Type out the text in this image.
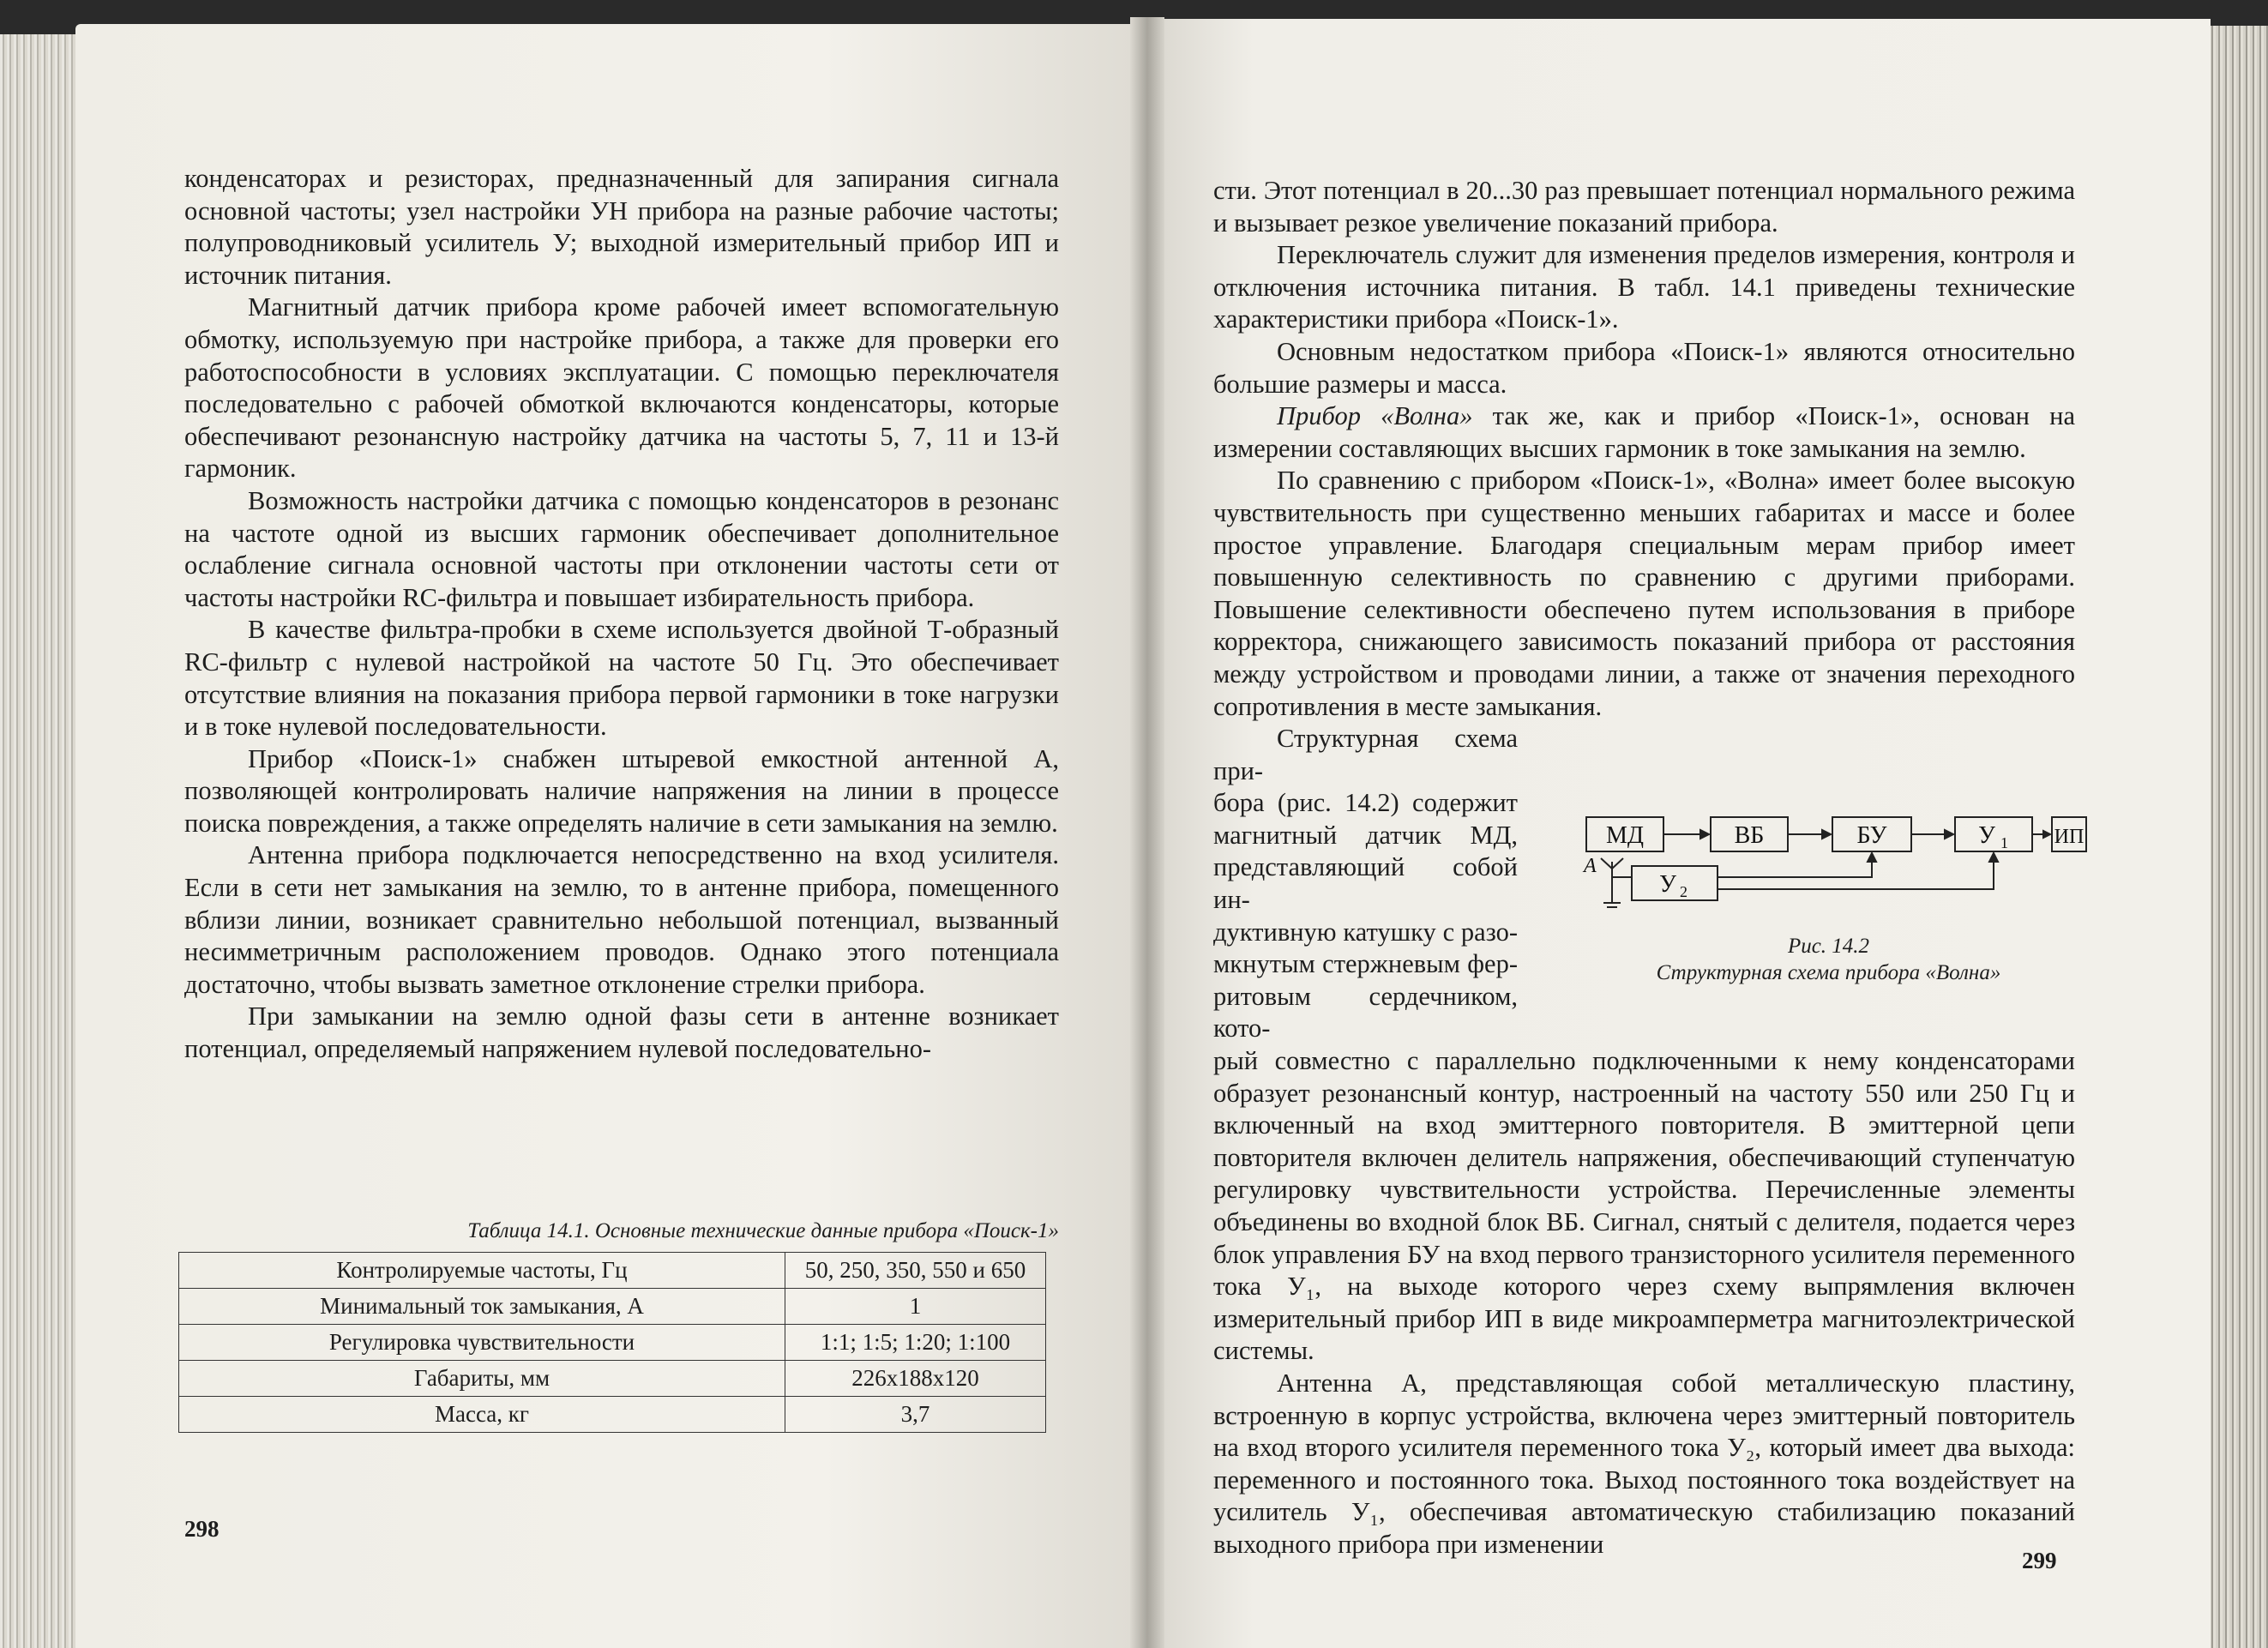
конденсаторах и резисторах, предназначенный для запирания сигнала основной частоты; узел настройки УН прибора на разные рабочие частоты; полупроводниковый усилитель У; выходной измерительный прибор ИП и источник питания.

Магнитный датчик прибора кроме рабочей имеет вспомогательную обмотку, используемую при настройке прибора, а также для проверки его работоспособности в условиях эксплуатации. С помощью переключателя последовательно с рабочей обмоткой включаются конденсаторы, которые обеспечивают резонансную настройку датчика на частоты 5, 7, 11 и 13-й гармоник.

Возможность настройки датчика с помощью конденсаторов в резонанс на частоте одной из высших гармоник обеспечивает дополнительное ослабление сигнала основной частоты при отклонении частоты сети от частоты настройки RC-фильтра и повышает избирательность прибора.

В качестве фильтра-пробки в схеме используется двойной Т-образный RC-фильтр с нулевой настройкой на частоте 50 Гц. Это обеспечивает отсутствие влияния на показания прибора первой гармоники в токе нагрузки и в токе нулевой последовательности.

Прибор «Поиск-1» снабжен штыревой емкостной антенной А, позволяющей контролировать наличие напряжения на линии в процессе поиска повреждения, а также определять наличие в сети замыкания на землю.

Антенна прибора подключается непосредственно на вход усилителя. Если в сети нет замыкания на землю, то в антенне прибора, помещенного вблизи линии, возникает сравнительно небольшой потенциал, вызванный несимметричным расположением проводов. Однако этого потенциала достаточно, чтобы вызвать заметное отклонение стрелки прибора.

При замыкании на землю одной фазы сети в антенне возникает потенциал, определяемый напряжением нулевой последовательно-

Таблица 14.1. Основные технические данные прибора «Поиск-1»
Контролируемые частоты, Гц	50, 250, 350, 550 и 650
Минимальный ток замыкания, А	1
Регулировка чувствительности	1:1; 1:5; 1:20; 1:100
Габариты, мм	226x188x120
Масса, кг	3,7
298

сти. Этот потенциал в 20...30 раз превышает потенциал нормального режима и вызывает резкое увеличение показаний прибора.

Переключатель служит для изменения пределов измерения, контроля и отключения источника питания. В табл. 14.1 приведены технические характеристики прибора «Поиск-1».

Основным недостатком прибора «Поиск-1» являются относительно большие размеры и масса.

Прибор «Волна» так же, как и прибор «Поиск-1», основан на измерении составляющих высших гармоник в токе замыкания на землю.

По сравнению с прибором «Поиск-1», «Волна» имеет более высокую чувствительность при существенно меньших габаритах и массе и более простое управление. Благодаря специальным мерам прибор имеет повышенную селективность по сравнению с другими приборами. Повышение селективности обеспечено путем использования в приборе корректора, снижающего зависимость показаний прибора от расстояния между устройством и проводами линии, а также от значения переходного сопротивления в месте замыкания.

Структурная схема при-

бора (рис. 14.2) содержит

магнитный датчик МД,

представляющий собой ин-

дуктивную катушку с разо-

мкнутым стержневым фер-

ритовым сердечником, кото-

рый совместно с параллельно подключенными к нему конденсаторами образует резонансный контур, настроенный на частоту 550 или 250 Гц и включенный на вход эмиттерного повторителя. В эмиттерной цепи повторителя включен делитель напряжения, обеспечивающий ступенчатую регулировку чувствительности устройства. Перечисленные элементы объединены во входной блок ВБ. Сигнал, снятый с делителя, подается через блок управления БУ на вход первого транзисторного усилителя переменного тока У₁, на выходе которого через схему выпрямления включен измерительный прибор ИП в виде микроамперметра магнитоэлектрической системы.

Антенна А, представляющая собой металлическую пластину, встроенную в корпус устройства, включена через эмиттерный повторитель на вход второго усилителя переменного тока У₂, который имеет два выхода: переменного и постоянного тока. Выход постоянного тока воздействует на усилитель У₁, обеспечивая автоматическую стабилизацию показаний выходного прибора при изменении

МД	ВБ	БУ	У 1 ИП
У 2
А
Рис. 14.2
Структурная схема прибора «Волна»
299
